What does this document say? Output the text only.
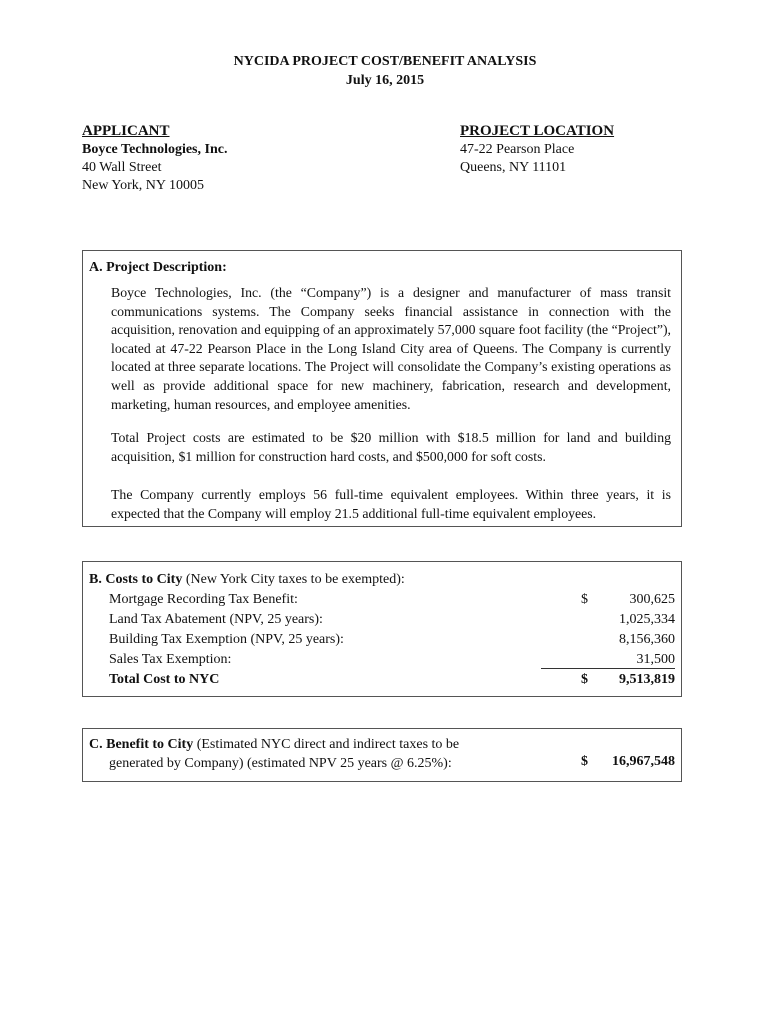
NYCIDA PROJECT COST/BENEFIT ANALYSIS
July 16, 2015
APPLICANT
Boyce Technologies, Inc.
40 Wall Street
New York, NY 10005
PROJECT LOCATION
47-22 Pearson Place
Queens, NY 11101
A. Project Description:
Boyce Technologies, Inc. (the “Company”) is a designer and manufacturer of mass transit communications systems. The Company seeks financial assistance in connection with the acquisition, renovation and equipping of an approximately 57,000 square foot facility (the “Project”), located at 47-22 Pearson Place in the Long Island City area of Queens. The Company is currently located at three separate locations. The Project will consolidate the Company’s existing operations as well as provide additional space for new machinery, fabrication, research and development, marketing, human resources, and employee amenities.
Total Project costs are estimated to be $20 million with $18.5 million for land and building acquisition, $1 million for construction hard costs, and $500,000 for soft costs.
The Company currently employs 56 full-time equivalent employees. Within three years, it is expected that the Company will employ 21.5 additional full-time equivalent employees.
B. Costs to City (New York City taxes to be exempted):
Mortgage Recording Tax Benefit:	$	300,625
Land Tax Abatement (NPV, 25 years):	1,025,334
Building Tax Exemption (NPV, 25 years):	8,156,360
Sales Tax Exemption:	31,500
Total Cost to NYC	$ 9,513,819
C. Benefit to City (Estimated NYC direct and indirect taxes to be
generated by Company) (estimated NPV 25 years @ 6.25%):	$	16,967,548
